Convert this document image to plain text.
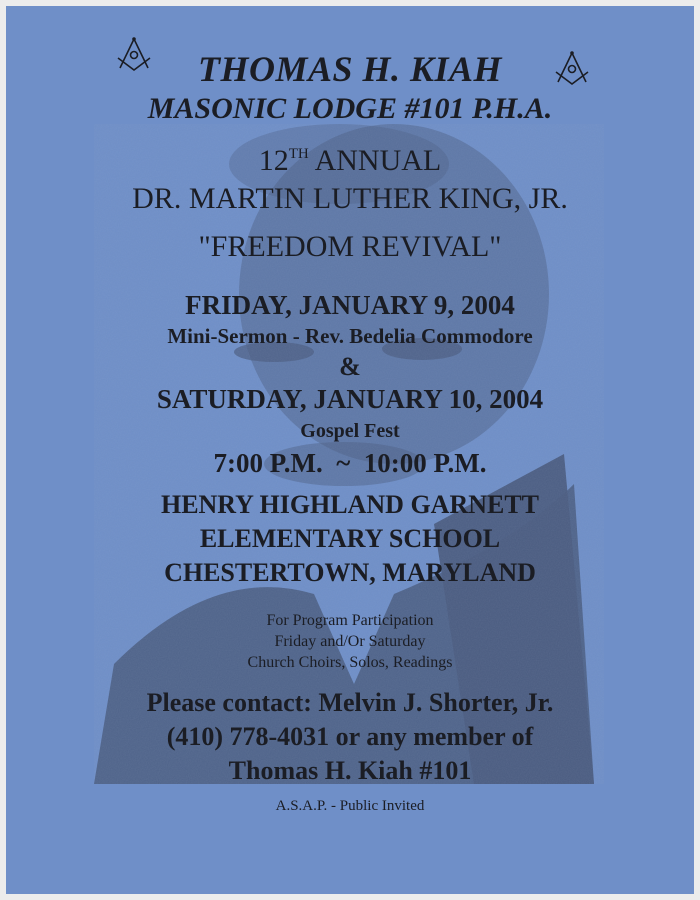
THOMAS H. KIAH
MASONIC LODGE #101 P.H.A.
12TH ANNUAL
DR. MARTIN LUTHER KING, JR.
"FREEDOM REVIVAL"
FRIDAY, JANUARY 9, 2004
Mini-Sermon - Rev. Bedelia Commodore
&
SATURDAY, JANUARY 10, 2004
Gospel Fest
7:00 P.M.  ~  10:00 P.M.
HENRY HIGHLAND GARNETT
ELEMENTARY SCHOOL
CHESTERTOWN, MARYLAND
For Program Participation
Friday and/Or Saturday
Church Choirs, Solos, Readings
Please contact: Melvin J. Shorter, Jr.
(410) 778-4031 or any member of
Thomas H. Kiah #101
A.S.A.P. - Public Invited
